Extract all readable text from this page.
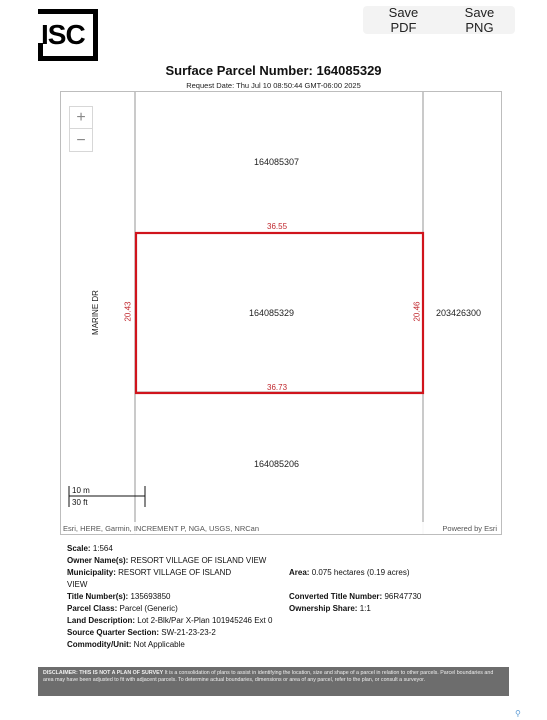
ISC
Save PDF
Save PNG
Surface Parcel Number: 164085329
Request Date: Thu Jul 10 08:50:44 GMT-06:00 2025
+
−
164085307
164085329	203426300
164085206
MARINE DR
36.55
36.73
20.43	20.46
10 m
30 ft
Esri, HERE, Garmin, INCREMENT P, NGA, USGS, NRCan	Powered by Esri
Scale: 1:564
Owner Name(s): RESORT VILLAGE OF ISLAND VIEW
Municipality: RESORT VILLAGE OF ISLAND	Area: 0.075 hectares (0.19 acres)
VIEW
Title Number(s): 135693850	Converted Title Number: 96R47730
Parcel Class: Parcel (Generic)	Ownership Share: 1:1
Land Description: Lot 2-Blk/Par X-Plan 101945246 Ext 0
Source Quarter Section: SW-21-23-23-2
Commodity/Unit: Not Applicable
DISCLAIMER: THIS IS NOT A PLAN OF SURVEY It is a consolidation of plans to assist in identifying the location, size and shape of a parcel in relation to other parcels. Parcel boundaries and area may have been adjusted to fit with adjacent parcels. To determine actual boundaries, dimensions or area of any parcel, refer to the plan, or consult a surveyor.
⚲
